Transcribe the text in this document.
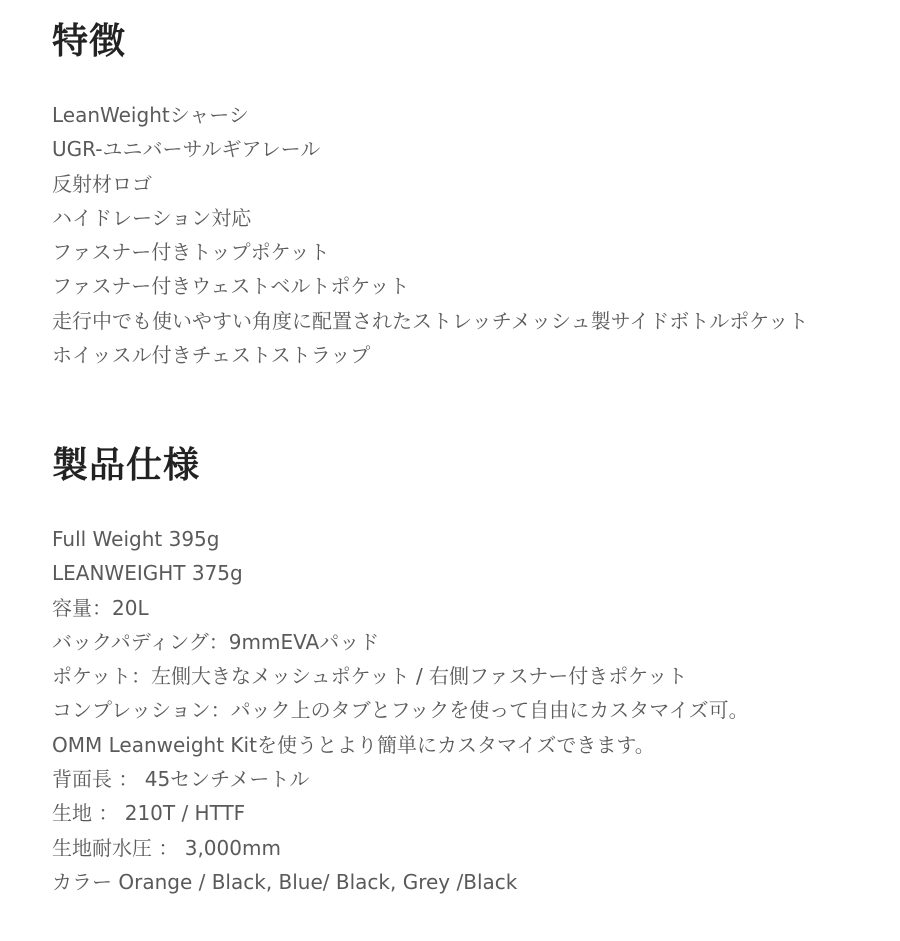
特徴
LeanWeightシャーシ
UGR-ユニバーサルギアレール
反射材ロゴ
ハイドレーション対応
ファスナー付きトップポケット
ファスナー付きウェストベルトポケット
走行中でも使いやすい角度に配置されたストレッチメッシュ製サイドボトルポケット
ホイッスル付きチェストストラップ
製品仕様
Full Weight 395g
LEANWEIGHT 375g
容量：20L
バックパディング：9mmEVAパッド
ポケット：左側大きなメッシュポケット / 右側ファスナー付きポケット
コンプレッション：パック上のタブとフックを使って自由にカスタマイズ可。
OMM Leanweight Kitを使うとより簡単にカスタマイズできます。
背面長 ： 45センチメートル
生地 ： 210T / HTTF
生地耐水圧 ： 3,000mm
カラー Orange / Black, Blue/ Black, Grey /Black
